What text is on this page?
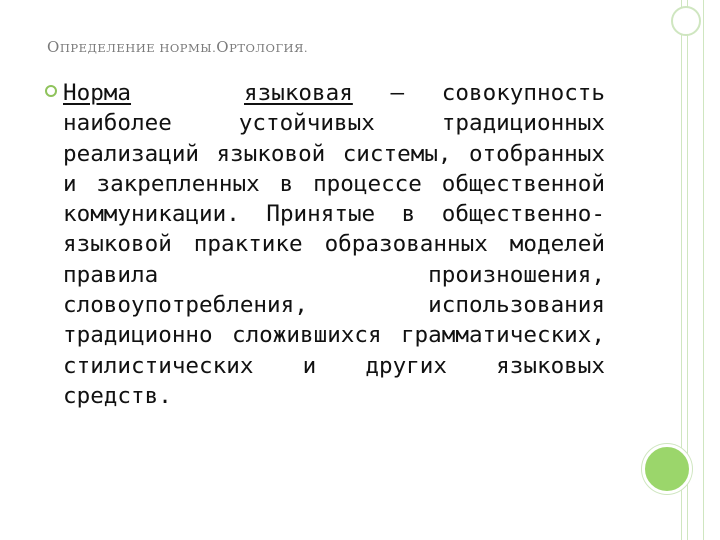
ОПРЕДЕЛЕНИЕ НОРМЫ.ОРТОЛОГИЯ.
Норма	языковая – совокупность наиболее устойчивых традиционных реализаций языковой системы, отобранных и закрепленных в процессе общественной коммуникации. Принятые в общественно-языковой практике образованных моделей правила произношения, словоупотребления, использования традиционно сложившихся грамматических, стилистических и других языковых средств.
